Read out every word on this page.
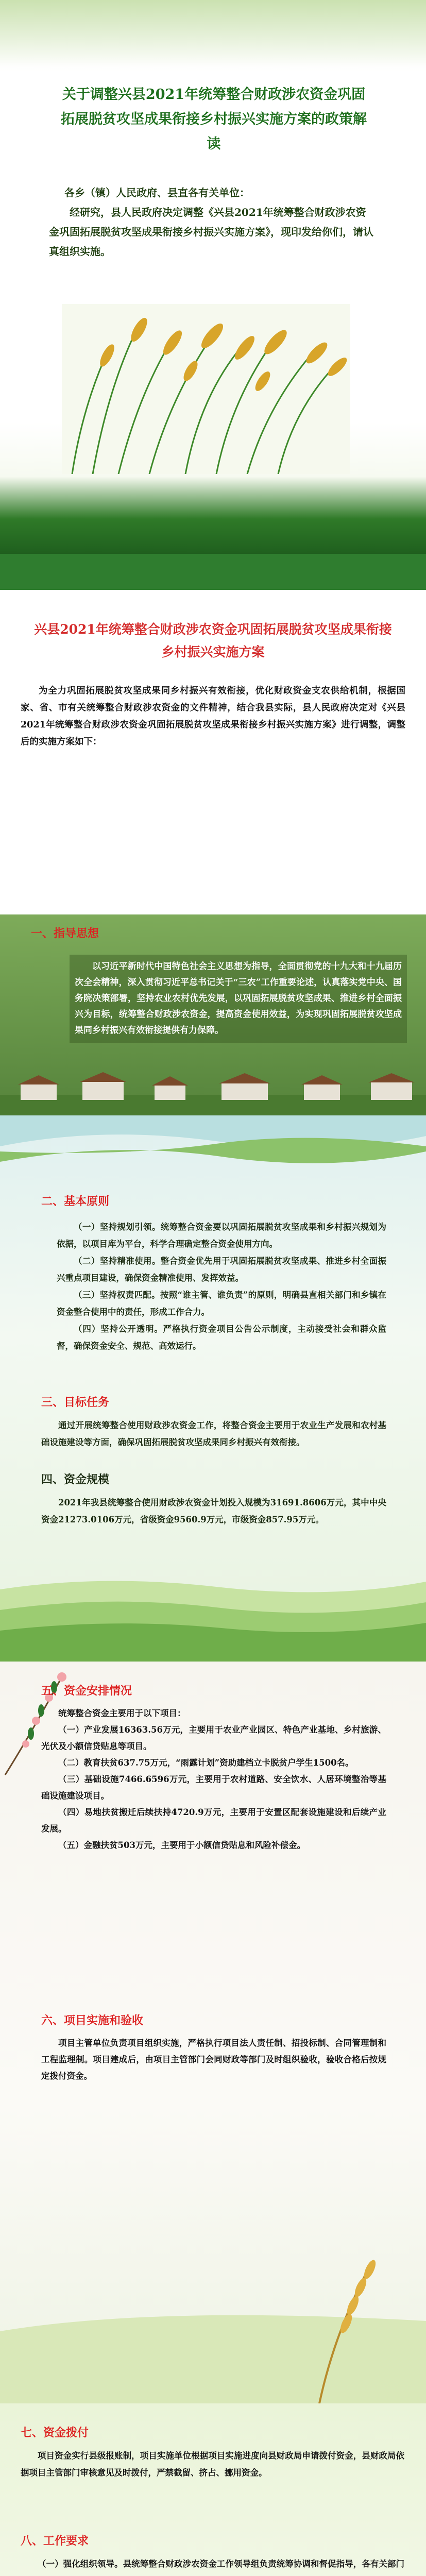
关于调整兴县2021年统筹整合财政涉农资金巩固拓展脱贫攻坚成果衔接乡村振兴实施方案的政策解读

各乡（镇）人民政府、县直各有关单位：

经研究，县人民政府决定调整《兴县2021年统筹整合财政涉农资金巩固拓展脱贫攻坚成果衔接乡村振兴实施方案》，现印发给你们，请认真组织实施。

兴县2021年统筹整合财政涉农资金巩固拓展脱贫攻坚成果衔接乡村振兴实施方案

为全力巩固拓展脱贫攻坚成果同乡村振兴有效衔接，优化财政资金支农供给机制，根据国家、省、市有关统筹整合财政涉农资金的文件精神，结合我县实际，县人民政府决定对《兴县2021年统筹整合财政涉农资金巩固拓展脱贫攻坚成果衔接乡村振兴实施方案》进行调整，调整后的实施方案如下：

一、指导思想

以习近平新时代中国特色社会主义思想为指导，全面贯彻党的十九大和十九届历次全会精神，深入贯彻习近平总书记关于“三农”工作重要论述，认真落实党中央、国务院决策部署，坚持农业农村优先发展，以巩固拓展脱贫攻坚成果、推进乡村全面振兴为目标，统筹整合财政涉农资金，提高资金使用效益，为实现巩固拓展脱贫攻坚成果同乡村振兴有效衔接提供有力保障。

二、基本原则

（一）坚持规划引领。统筹整合资金要以巩固拓展脱贫攻坚成果和乡村振兴规划为依据，以项目库为平台，科学合理确定整合资金使用方向。

（二）坚持精准使用。整合资金优先用于巩固拓展脱贫攻坚成果、推进乡村全面振兴重点项目建设，确保资金精准使用、发挥效益。

（三）坚持权责匹配。按照“谁主管、谁负责”的原则，明确县直相关部门和乡镇在资金整合使用中的责任，形成工作合力。

（四）坚持公开透明。严格执行资金项目公告公示制度，主动接受社会和群众监督，确保资金安全、规范、高效运行。

三、目标任务

通过开展统筹整合使用财政涉农资金工作，将整合资金主要用于农业生产发展和农村基础设施建设等方面，确保巩固拓展脱贫攻坚成果同乡村振兴有效衔接。

四、资金规模

2021年我县统筹整合使用财政涉农资金计划投入规模为31691.8606万元，其中中央资金21273.0106万元，省级资金9560.9万元，市级资金857.95万元。

五、资金安排情况

统筹整合资金主要用于以下项目：

（一）产业发展16363.56万元，主要用于农业产业园区、特色产业基地、乡村旅游、光伏及小额信贷贴息等项目。

（二）教育扶贫637.75万元，“雨露计划”资助建档立卡脱贫户学生1500名。

（三）基础设施7466.6596万元，主要用于农村道路、安全饮水、人居环境整治等基础设施建设项目。

（四）易地扶贫搬迁后续扶持4720.9万元，主要用于安置区配套设施建设和后续产业发展。

（五）金融扶贫503万元，主要用于小额信贷贴息和风险补偿金。

六、项目实施和验收

项目主管单位负责项目组织实施，严格执行项目法人责任制、招投标制、合同管理制和工程监理制。项目建成后，由项目主管部门会同财政等部门及时组织验收，验收合格后按规定拨付资金。

七、资金拨付

项目资金实行县级报账制，项目实施单位根据项目实施进度向县财政局申请拨付资金，县财政局依据项目主管部门审核意见及时拨付，严禁截留、挤占、挪用资金。

八、工作要求

（一）强化组织领导。县统筹整合财政涉农资金工作领导组负责统筹协调和督促指导，各有关部门
